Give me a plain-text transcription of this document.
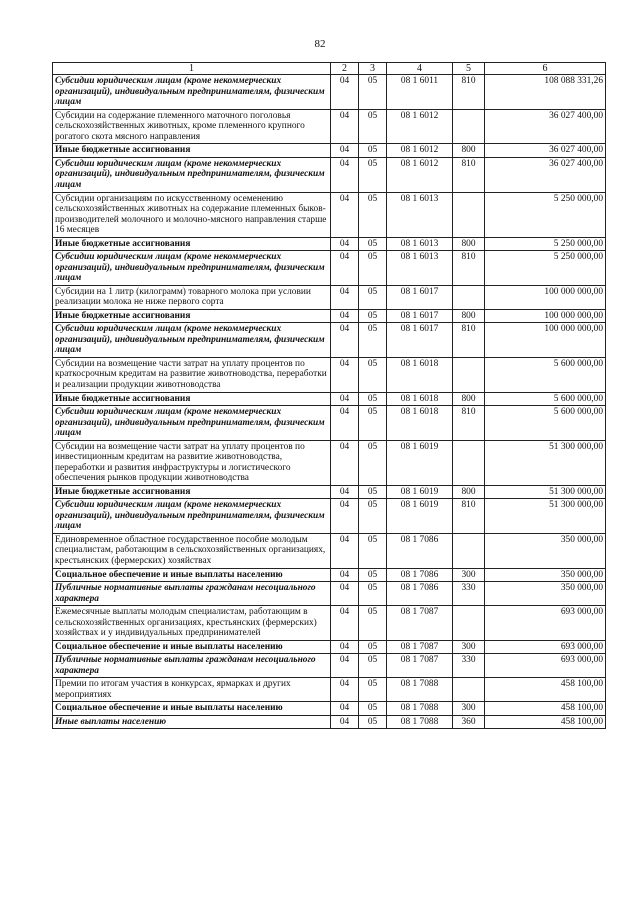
82
1	2	3	4	5	6
Субсидии юридическим лицам (кроме некоммерческих организаций), индивидуальным предпринимателям, физическим лицам	04	05	08 1 6011	810	108 088 331,26
Субсидии на содержание племенного маточного поголовья сельскохозяйственных животных, кроме племенного крупного рогатого скота мясного направления	04	05	08 1 6012		36 027 400,00
Иные бюджетные ассигнования	04	05	08 1 6012	800	36 027 400,00
Субсидии юридическим лицам (кроме некоммерческих организаций), индивидуальным предпринимателям, физическим лицам	04	05	08 1 6012	810	36 027 400,00
Субсидии организациям по искусственному осеменению сельскохозяйственных животных на содержание племенных быков-производителей молочного и молочно-мясного направления старше 16 месяцев	04	05	08 1 6013		5 250 000,00
Иные бюджетные ассигнования	04	05	08 1 6013	800	5 250 000,00
Субсидии юридическим лицам (кроме некоммерческих организаций), индивидуальным предпринимателям, физическим лицам	04	05	08 1 6013	810	5 250 000,00
Субсидии на 1 литр (килограмм) товарного молока при условии реализации молока не ниже первого сорта	04	05	08 1 6017		100 000 000,00
Иные бюджетные ассигнования	04	05	08 1 6017	800	100 000 000,00
Субсидии юридическим лицам (кроме некоммерческих организаций), индивидуальным предпринимателям, физическим лицам	04	05	08 1 6017	810	100 000 000,00
Субсидии на возмещение части затрат на уплату процентов по краткосрочным кредитам на развитие животноводства, переработки и реализации продукции животноводства	04	05	08 1 6018		5 600 000,00
Иные бюджетные ассигнования	04	05	08 1 6018	800	5 600 000,00
Субсидии юридическим лицам (кроме некоммерческих организаций), индивидуальным предпринимателям, физическим лицам	04	05	08 1 6018	810	5 600 000,00
Субсидии на возмещение части затрат на уплату процентов по инвестиционным кредитам на развитие животноводства, переработки и развития инфраструктуры и логистического обеспечения рынков продукции животноводства	04	05	08 1 6019		51 300 000,00
Иные бюджетные ассигнования	04	05	08 1 6019	800	51 300 000,00
Субсидии юридическим лицам (кроме некоммерческих организаций), индивидуальным предпринимателям, физическим лицам	04	05	08 1 6019	810	51 300 000,00
Единовременное областное государственное пособие молодым специалистам, работающим в сельскохозяйственных организациях, крестьянских (фермерских) хозяйствах	04	05	08 1 7086		350 000,00
Социальное обеспечение и иные выплаты населению	04	05	08 1 7086	300	350 000,00
Публичные нормативные выплаты гражданам несоциального характера	04	05	08 1 7086	330	350 000,00
Ежемесячные выплаты молодым специалистам, работающим в сельскохозяйственных организациях, крестьянских (фермерских) хозяйствах и у индивидуальных предпринимателей	04	05	08 1 7087		693 000,00
Социальное обеспечение и иные выплаты населению	04	05	08 1 7087	300	693 000,00
Публичные нормативные выплаты гражданам несоциального характера	04	05	08 1 7087	330	693 000,00
Премии по итогам участия в конкурсах, ярмарках и других мероприятиях	04	05	08 1 7088		458 100,00
Социальное обеспечение и иные выплаты населению	04	05	08 1 7088	300	458 100,00
Иные выплаты населению	04	05	08 1 7088	360	458 100,00
